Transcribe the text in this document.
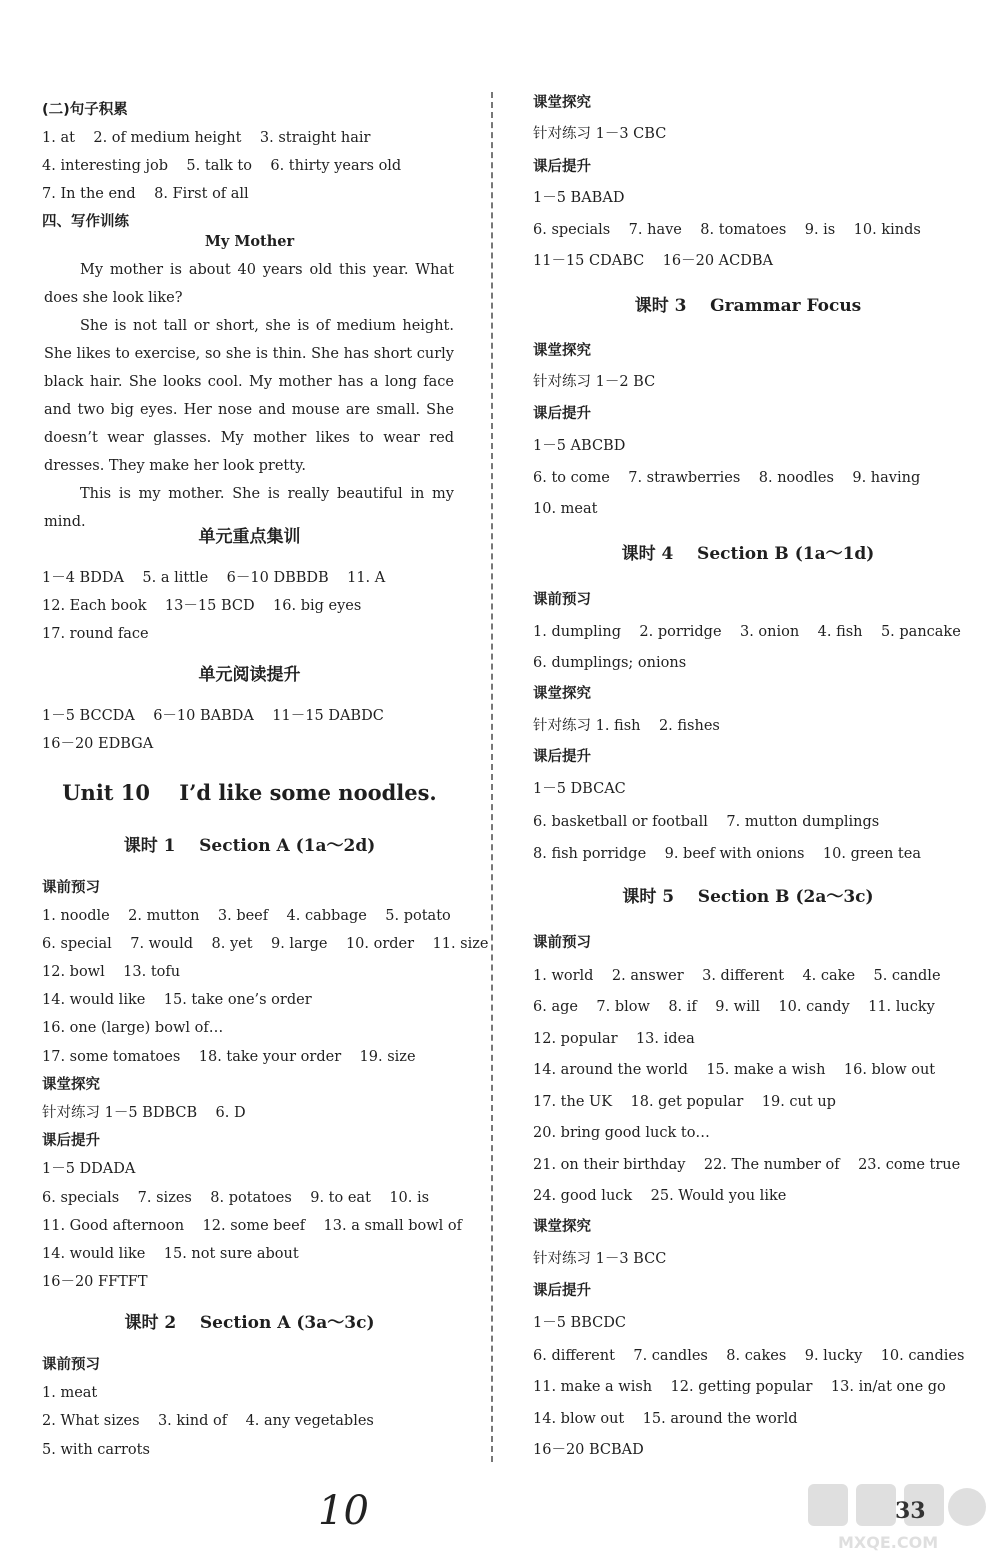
(二)句子积累
1. at    2. of medium height    3. straight hair
4. interesting job    5. talk to    6. thirty years old
7. In the end    8. First of all
四、写作训练
My Mother

My mother is about 40 years old this year. What does she look like?

She is not tall or short, she is of medium height. She likes to exercise, so she is thin. She has short curly black hair. She looks cool. My mother has a long face and two big eyes. Her nose and mouse are small. She doesn’t wear glasses. My mother likes to wear red dresses. They make her look pretty.

This is my mother. She is really beautiful in my mind.

1－4 BDDA    5. a little    6－10 DBBDB    11. A
12. Each book    13－15 BCD    16. big eyes
17. round face
1－5 BCCDA    6－10 BABDA    11－15 DABDC
16－20 EDBGA
课前预习
1. noodle    2. mutton    3. beef    4. cabbage    5. potato
6. special    7. would    8. yet    9. large    10. order    11. size
12. bowl    13. tofu
14. would like    15. take one’s order
16. one (large) bowl of…
17. some tomatoes    18. take your order    19. size
课堂探究
针对练习 1－5 BDBCB    6. D
课后提升
1－5 DDADA
6. specials    7. sizes    8. potatoes    9. to eat    10. is
11. Good afternoon    12. some beef    13. a small bowl of
14. would like    15. not sure about
16－20 FFTFT
课前预习
1. meat
2. What sizes    3. kind of    4. any vegetables
5. with carrots
单元重点集训
单元阅读提升
Unit 10    I’d like some noodles.
课时 1    Section A (1a～2d)
课时 2    Section A (3a～3c)
课堂探究
针对练习 1－3 CBC
课后提升
1－5 BABAD
6. specials    7. have    8. tomatoes    9. is    10. kinds
11－15 CDABC    16－20 ACDBA
课堂探究
针对练习 1－2 BC
课后提升
1－5 ABCBD
6. to come    7. strawberries    8. noodles    9. having
10. meat
课前预习
1. dumpling    2. porridge    3. onion    4. fish    5. pancake
6. dumplings; onions
课堂探究
针对练习 1. fish    2. fishes
课后提升
1－5 DBCAC
6. basketball or football    7. mutton dumplings
8. fish porridge    9. beef with onions    10. green tea
课前预习
1. world    2. answer    3. different    4. cake    5. candle
6. age    7. blow    8. if    9. will    10. candy    11. lucky
12. popular    13. idea
14. around the world    15. make a wish    16. blow out
17. the UK    18. get popular    19. cut up
20. bring good luck to…
21. on their birthday    22. The number of    23. come true
24. good luck    25. Would you like
课堂探究
针对练习 1－3 BCC
课后提升
1－5 BBCDC
6. different    7. candles    8. cakes    9. lucky    10. candies
11. make a wish    12. getting popular    13. in/at one go
14. blow out    15. around the world
16－20 BCBAD
课时 3    Grammar Focus
课时 4    Section B (1a～1d)
课时 5    Section B (2a～3c)
10
MXQE.COM
33
